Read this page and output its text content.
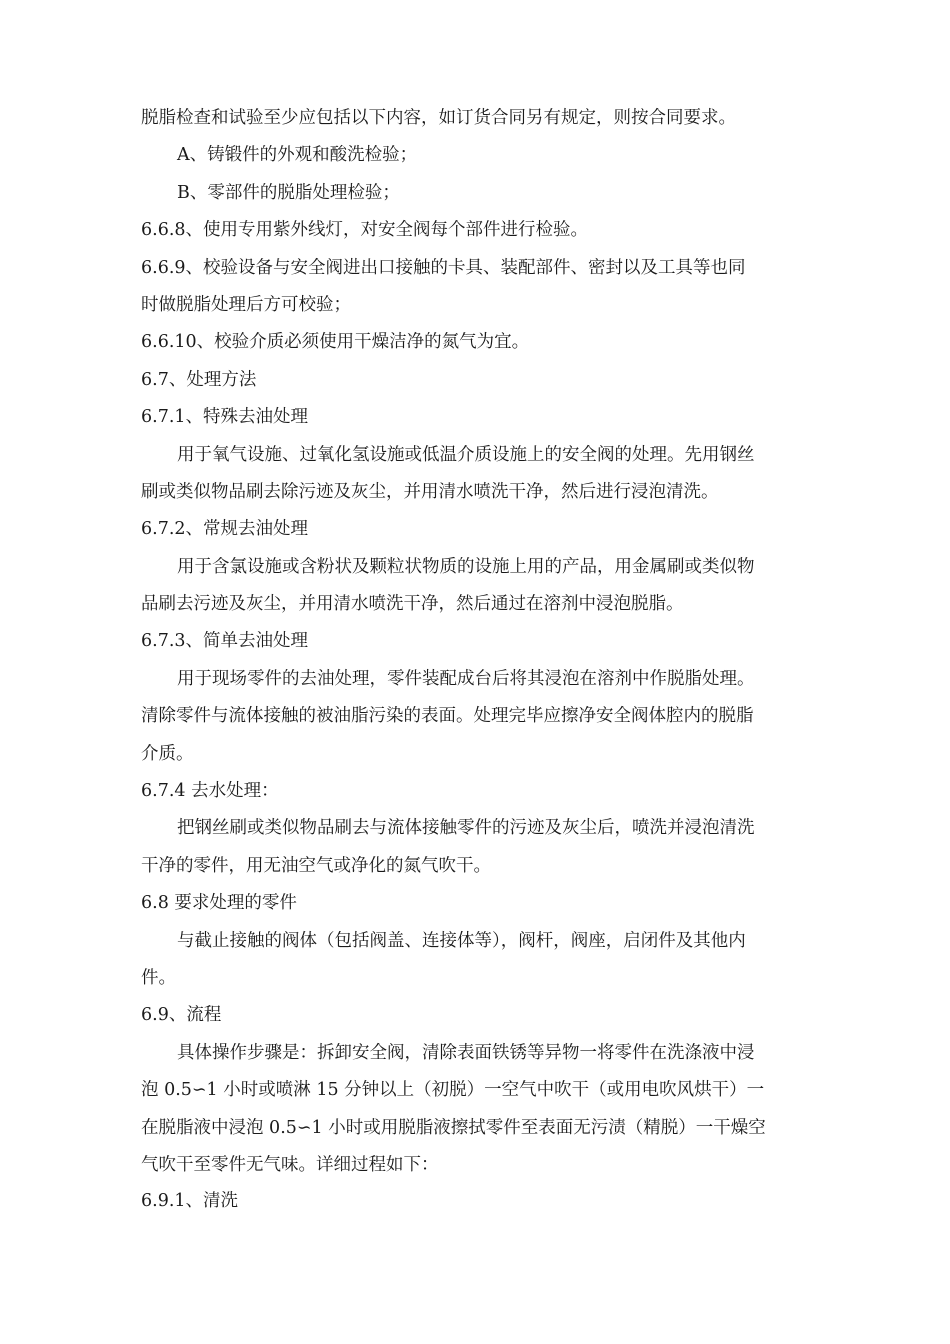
脱脂检查和试验至少应包括以下内容，如订货合同另有规定，则按合同要求。
A、铸锻件的外观和酸洗检验；
B、零部件的脱脂处理检验；
6.6.8、使用专用紫外线灯，对安全阀每个部件进行检验。
6.6.9、校验设备与安全阀进出口接触的卡具、装配部件、密封以及工具等也同
时做脱脂处理后方可校验；
6.6.10、校验介质必须使用干燥洁净的氮气为宜。
6.7、处理方法
6.7.1、特殊去油处理
用于氧气设施、过氧化氢设施或低温介质设施上的安全阀的处理。先用钢丝
刷或类似物品刷去除污迹及灰尘，并用清水喷洗干净，然后进行浸泡清洗。
6.7.2、常规去油处理
用于含氯设施或含粉状及颗粒状物质的设施上用的产品，用金属刷或类似物
品刷去污迹及灰尘，并用清水喷洗干净，然后通过在溶剂中浸泡脱脂。
6.7.3、简单去油处理
用于现场零件的去油处理，零件装配成台后将其浸泡在溶剂中作脱脂处理。
清除零件与流体接触的被油脂污染的表面。处理完毕应擦净安全阀体腔内的脱脂
介质。
6.7.4 去水处理：
把钢丝刷或类似物品刷去与流体接触零件的污迹及灰尘后，喷洗并浸泡清洗
干净的零件，用无油空气或净化的氮气吹干。
6.8 要求处理的零件
与截止接触的阀体（包括阀盖、连接体等），阀杆，阀座，启闭件及其他内
件。
6.9、流程
具体操作步骤是：拆卸安全阀，清除表面铁锈等异物一将零件在洗涤液中浸
泡 0.5∽1 小时或喷淋 15 分钟以上（初脱）一空气中吹干（或用电吹风烘干）一
在脱脂液中浸泡 0.5∽1 小时或用脱脂液擦拭零件至表面无污渍（精脱）一干燥空
气吹干至零件无气味。详细过程如下：
6.9.1、清洗
